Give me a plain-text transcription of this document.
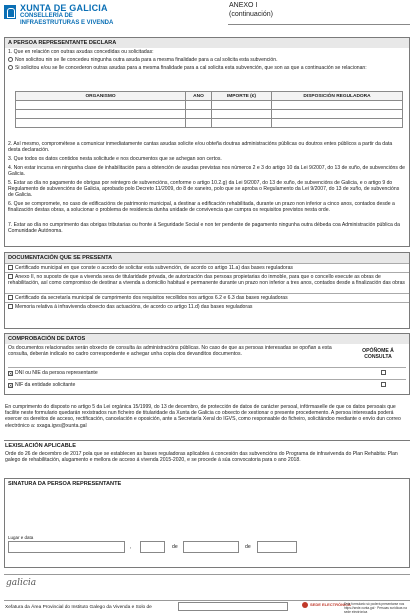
XUNTA DE GALICIA
CONSELLERÍA DE
INFRAESTRUTURAS E VIVENDA
ANEXO I
(continuación)
A PERSOA REPRESENTANTE DECLARA
1. Que en relación con outras axudas concedidas ou solicitadas:
Non solicitou nin se lle concedeu ningunha outra axuda para a mesma finalidade para a cal solicita esta subvención.
Si solicitou e/ou se lle concederon outras axudas para a mesma finalidade para a cal solicita esta subvención, que son as que a continuación se relacionan:
ORGANISMO	ANO	IMPORTE (€)	DISPOSICIÓN REGULADORA

2. Así mesmo, comprométese a comunicar inmediatamente cantas axudas solicite e/ou obteña doutras administracións públicas ou doutros entes públicos a partir da data desta declaración.
3. Que todos os datos contidos nesta solicitude e nos documentos que se achegan son certos.
4. Non estar incursa en ningunha clase de inhabilitación para a obtención de axudas previstas nos números 2 e 3 do artigo 10 da Lei 9/2007, do 13 de xuño, de subvencións de Galicia.
5. Estar ao día no pagamento de obrigas por reintegro de subvencións, conforme o artigo 10.2.g) da Lei 9/2007, do 13 de xuño, de subvencións de Galicia, e o artigo 9 do Regulamento de subvencións de Galicia, aprobado polo Decreto 11/2009, do 8 de xaneiro, polo que se aproba o Regulamento da Lei 9/2007, do 13 de xuño, de subvencións de Galicia.
6. Que se compromete, no caso de edificacións de patrimonio municipal, a destinar a edificación rehabilitada, durante un prazo non inferior a cinco anos, contados desde a finalización destas obras, a solucionar o problema de residencia dunha unidade de convivencia que cumpra os requisitos previstos nesta orde.
7. Estar ao día no cumprimento das obrigas tributarias ou fronte á Seguridade Social e non ter pendente de pagamento ningunha outra débeda coa Administración pública da Comunidade Autónoma.
DOCUMENTACIÓN QUE SE PRESENTA
Certificado municipal en que conste o acordo de solicitar esta subvención, de acordo co artigo 11.a) das bases reguladoras
Anexo II, no suposto de que a vivenda sexa de titularidade privada, de autorización das persoas propietarias do inmoble, para que o concello execute as obras de rehabilitación, así como compromiso de destinar a vivenda a domicilio habitual e permanente durante un prazo non inferior a tres anos, contados desde a finalización das obras
Certificado da secretaría municipal de cumprimento dos requisitos recollidos nos artigos 6.2 e 6.3 das bases reguladoras
Memoria relativa á infravivenda obxecto das actuacións, de acordo co artigo 11.d) das bases reguladoras
COMPROBACIÓN DE DATOS
Os documentos relacionados serán obxecto de consulta ás administracións públicas. No caso de que as persoas interesadas se opoñan a esta consulta, deberán indicalo no cadro correspondente e achegar unha copia dos devanditos documentos.
OPÓÑOME Á CONSULTA
✕DNI ou NIE da persoa representante
✕NIF da entidade solicitante
En cumprimento do disposto no artigo 5 da Lei orgánica 15/1999, do 13 de decembro, de protección de datos de carácter persoal, infórmaselle de que os datos persoais que facilite neste formulario quedarán rexistrados nun ficheiro de titularidade da Xunta de Galicia co obxecto de xestionar o presente procedemento. A persoa interesada poderá exercer os dereitos de acceso, rectificación, cancelación e oposición, ante a Secretaría Xeral do IGVS, como responsable do ficheiro, solicitándoo mediante o envío dun correo electrónico a: sxaga.igvs@xunta.gal
LEXISLACIÓN APLICABLE
Orde do 26 de decembro de 2017 pola que se establecen as bases reguladoras aplicables á concesión das subvencións do Programa de infravivenda do Plan Rehabita: Plan galego de rehabilitación, alugamento e mellora de acceso á vivenda 2015-2020, e se procede á súa convocatoria para o ano 2018.
SINATURA DA PERSOA REPRESENTANTE
Lugar e data
,	de	de
galicia
Xefatura da Área Provincial do Instituto Galego da Vivenda e Solo de
SEDE ELECTRÓNICA
Este formulario só poderá presentarse nos
https://sede.xunta.gal · Persoas xurídicas na sede electrónica
